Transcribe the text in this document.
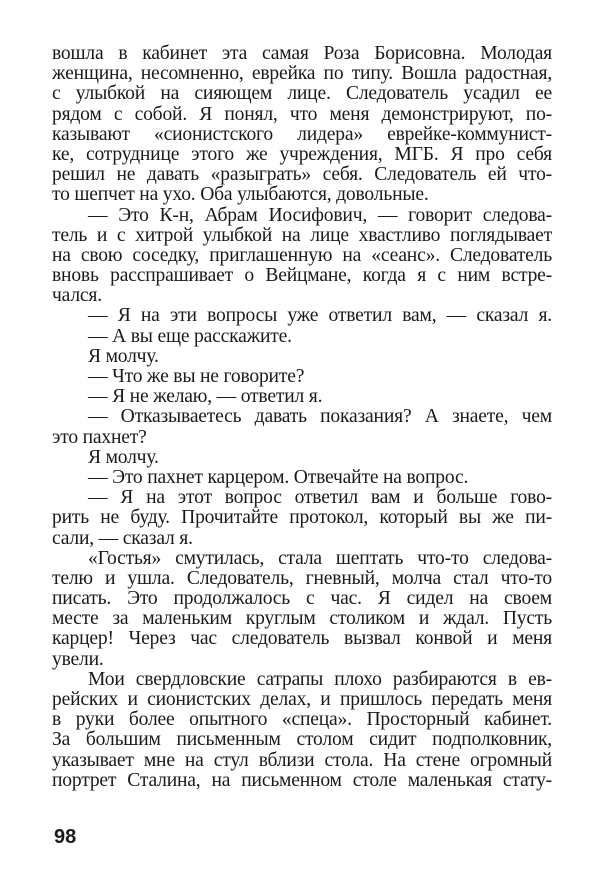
вошла в кабинет эта самая Роза Борисовна. Молодая
женщина, несомненно, еврейка по типу. Вошла радостная,
с улыбкой на сияющем лице. Следователь усадил ее
рядом с собой. Я понял, что меня демонстрируют, по-
казывают «сионистского лидера» еврейке-коммунист-
ке, сотруднице этого же учреждения, МГБ. Я про себя
решил не давать «разыграть» себя. Следователь ей что-
то шепчет на ухо. Оба улыбаются, довольные.
— Это К-н, Абрам Иосифович, — говорит следова-
тель и с хитрой улыбкой на лице хвастливо поглядывает
на свою соседку, приглашенную на «сеанс». Следователь
вновь расспрашивает о Вейцмане, когда я с ним встре-
чался.
— Я на эти вопросы уже ответил вам, — сказал я.
— А вы еще расскажите.
Я молчу.
— Что же вы не говорите?
— Я не желаю, — ответил я.
— Отказываетесь давать показания? А знаете, чем
это пахнет?
Я молчу.
— Это пахнет карцером. Отвечайте на вопрос.
— Я на этот вопрос ответил вам и больше гово-
рить не буду. Прочитайте протокол, который вы же пи-
сали, — сказал я.
«Гостья» смутилась, стала шептать что-то следова-
телю и ушла. Следователь, гневный, молча стал что-то
писать. Это продолжалось с час. Я сидел на своем
месте за маленьким круглым столиком и ждал. Пусть
карцер! Через час следователь вызвал конвой и меня
увели.
Мои свердловские сатрапы плохо разбираются в ев-
рейских и сионистских делах, и пришлось передать меня
в руки более опытного «спеца». Просторный кабинет.
За большим письменным столом сидит подполковник,
указывает мне на стул вблизи стола. На стене огромный
портрет Сталина, на письменном столе маленькая стату-
98
